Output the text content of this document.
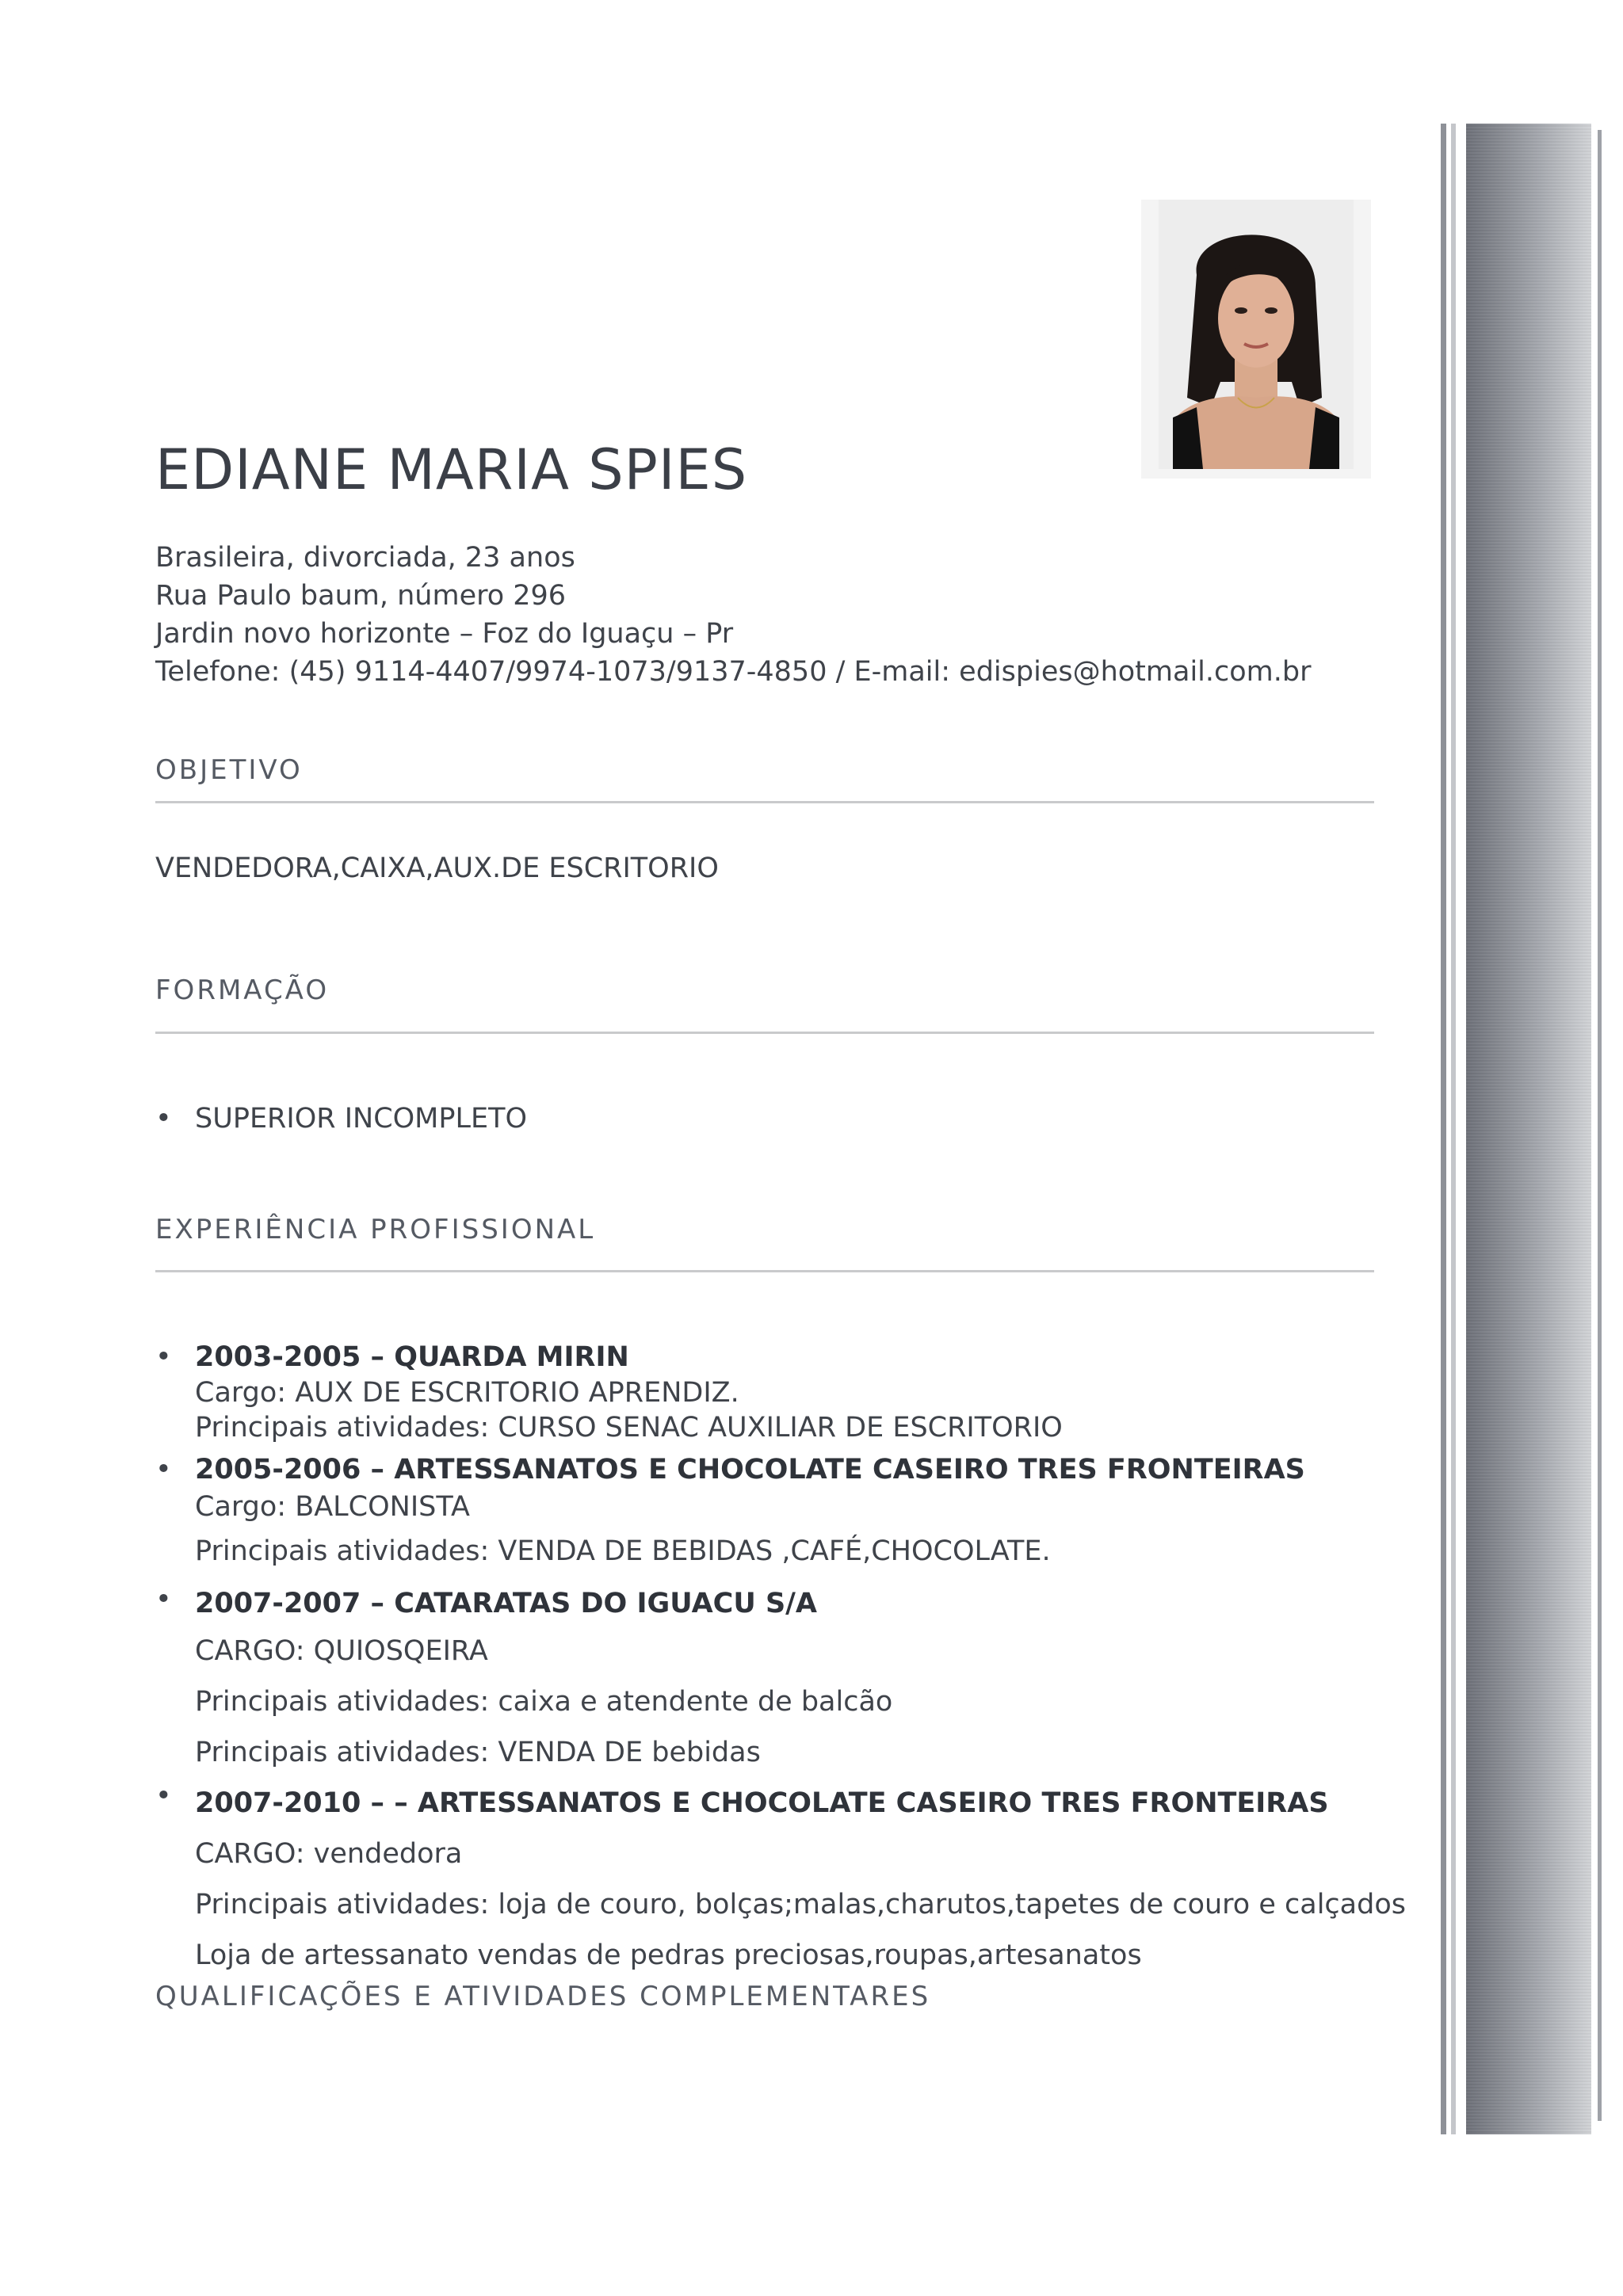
EDIANE MARIA SPIES
Brasileira, divorciada, 23 anos
Rua Paulo baum, número 296
Jardin novo horizonte – Foz do Iguaçu – Pr
Telefone: (45) 9114-4407/9974-1073/9137-4850 / E-mail: edispies@hotmail.com.br
OBJETIVO
VENDEDORA,CAIXA,AUX.DE ESCRITORIO
FORMAÇÃO
• SUPERIOR INCOMPLETO
EXPERIÊNCIA PROFISSIONAL
• 2003-2005 – QUARDA MIRIN
Cargo: AUX DE ESCRITORIO APRENDIZ.
Principais atividades: CURSO SENAC AUXILIAR DE ESCRITORIO
• 2005-2006 – ARTESSANATOS E CHOCOLATE CASEIRO TRES FRONTEIRAS
Cargo: BALCONISTA
Principais atividades: VENDA DE BEBIDAS ,CAFÉ,CHOCOLATE.
• 2007-2007 – CATARATAS DO IGUACU S/A
CARGO: QUIOSQEIRA
Principais atividades: caixa e atendente de balcão
Principais atividades: VENDA DE bebidas
• 2007-2010 – – ARTESSANATOS E CHOCOLATE CASEIRO TRES FRONTEIRAS
CARGO: vendedora
Principais atividades: loja de couro, bolças;malas,charutos,tapetes de couro e calçados
Loja de artessanato vendas de pedras preciosas,roupas,artesanatos
QUALIFICAÇÕES E ATIVIDADES COMPLEMENTARES
